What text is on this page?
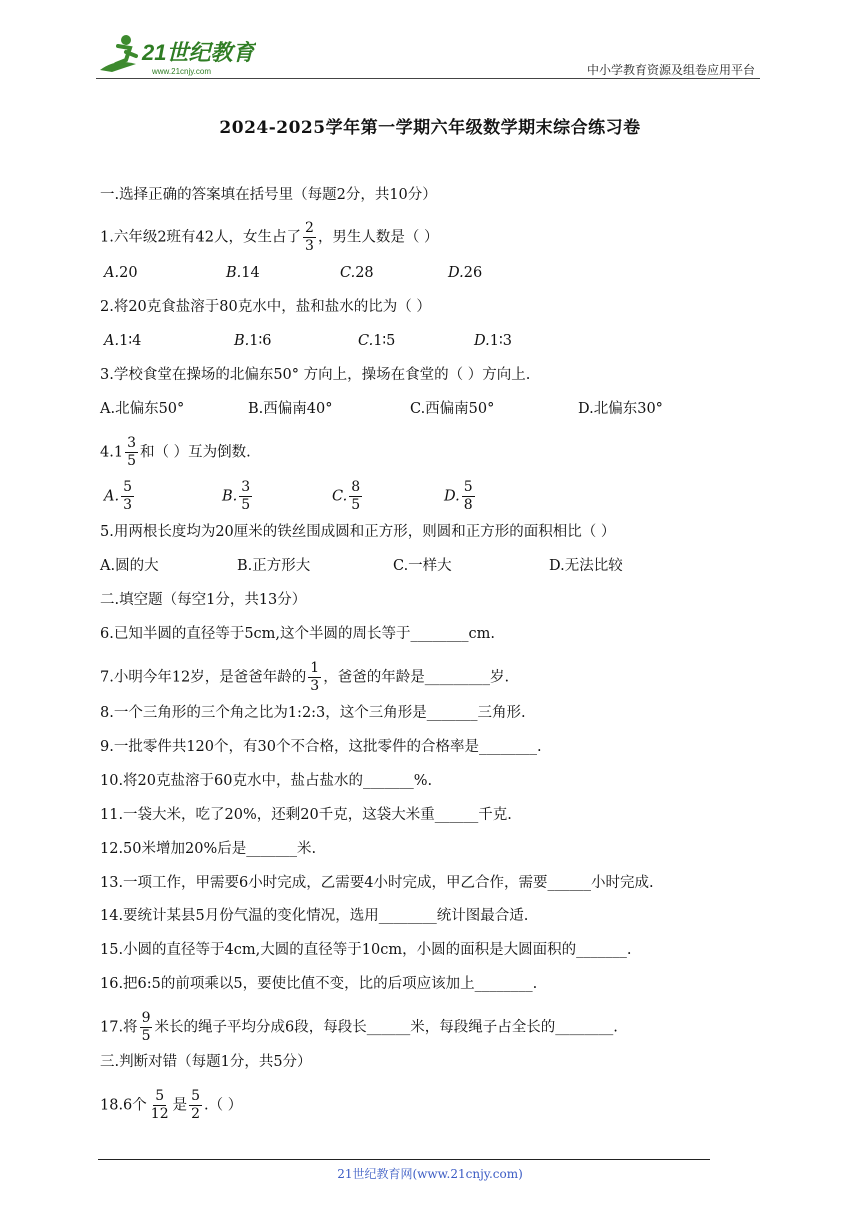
21世纪教育
www.21cnjy.com	中小学教育资源及组卷应用平台
2024-2025学年第一学期六年级数学期末综合练习卷
一.选择正确的答案填在括号里（每题2分，共10分）
1.六年级2班有42人，女生占了 $\frac{2}{3}$ ，男生人数是（ ）
A.20	B.14	C.28	D.26
2.将20克食盐溶于80克水中，盐和盐水的比为（ ）
A.1∶4	B.1∶6	C.1∶5	D.1∶3
3.学校食堂在操场的北偏东50° 方向上，操场在食堂的（ ）方向上.
A.北偏东50°	B.西偏南40°	C.西偏南50°	D.北偏东30°
$4.1 \frac{3}{5}$ 和（ ）互为倒数.
A. $\frac{5}{3}$	B. $\frac{3}{5}$	C. $\frac{8}{5}$	D. $\frac{5}{8}$
5.用两根长度均为20厘米的铁丝围成圆和正方形，则圆和正方形的面积相比（ ）
A.圆的大	B.正方形大	C.一样大	D.无法比较
二.填空题（每空1分，共13分）
6.已知半圆的直径等于5cm,这个半圆的周长等于________cm.
7.小明今年12岁，是爸爸年龄的 $\frac{1}{3}$ ，爸爸的年龄是_________岁.
8.一个三角形的三个角之比为1:2:3，这个三角形是_______三角形.
9.一批零件共120个，有30个不合格，这批零件的合格率是________.
10.将20克盐溶于60克水中，盐占盐水的_______%.
11.一袋大米，吃了20%，还剩20千克，这袋大米重______千克.
12.50米增加20%后是_______米.
13.一项工作，甲需要6小时完成，乙需要4小时完成，甲乙合作，需要______小时完成.
14.要统计某县5月份气温的变化情况，选用________统计图最合适.
15.小圆的直径等于4cm,大圆的直径等于10cm，小圆的面积是大圆面积的_______.
16.把6:5的前项乘以5，要使比值不变，比的后项应该加上________.
17.将 $\frac{9}{5}$ 米长的绳子平均分成6段，每段长______米，每段绳子占全长的________.
三.判断对错（每题1分，共5分）
18.6个 $\frac{5}{12}$ 是 $\frac{5}{2}$ .（ ）
21世纪教育网(www.21cnjy.com)
